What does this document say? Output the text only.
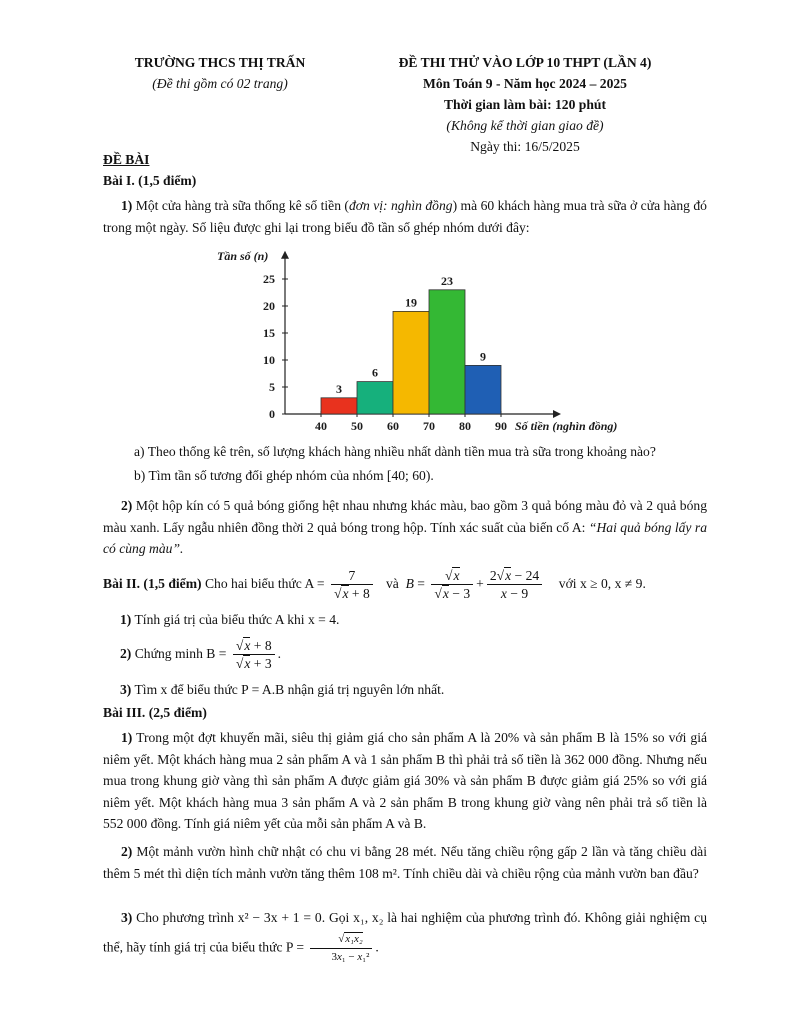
TRƯỜNG THCS THỊ TRẤN
(Đề thi gồm có 02 trang)
ĐỀ THI THỬ VÀO LỚP 10 THPT (LẦN 4)
Môn Toán 9 - Năm học 2024 – 2025
Thời gian làm bài: 120 phút
(Không kể thời gian giao đề)
Ngày thi: 16/5/2025
ĐỀ BÀI
Bài I. (1,5 điểm)
1) Một cửa hàng trà sữa thống kê số tiền (đơn vị: nghìn đồng) mà 60 khách hàng mua trà sữa ở cửa hàng đó trong một ngày. Số liệu được ghi lại trong biểu đồ tần số ghép nhóm dưới đây:
0
5
10
15
20
25
40 50 60 70 80 90
3
6
19
23
9
Tần số (n)
Số tiền (nghìn đồng)
a) Theo thống kê trên, số lượng khách hàng nhiều nhất dành tiền mua trà sữa trong khoảng nào?
b) Tìm tần số tương đối ghép nhóm của nhóm [40; 60).
2) Một hộp kín có 5 quả bóng giống hệt nhau nhưng khác màu, bao gồm 3 quả bóng màu đỏ và 2 quả bóng màu xanh. Lấy ngẫu nhiên đồng thời 2 quả bóng trong hộp. Tính xác suất của biến cố A: “Hai quả bóng lấy ra có cùng màu”.
Bài II. (1,5 điểm) Cho hai biểu thức $A = \frac{7}{√x + 8}$ và  $B = \frac{√x}{√x - 3} + \frac{2√x - 24}{x - 9}$ với x ≥ 0, x ≠ 9.
1) Tính giá trị của biểu thức A khi x = 4.
2) Chứng minh $B = \frac{√x + 8}{√x + 3}$ .
3) Tìm x để biểu thức P = A.B nhận giá trị nguyên lớn nhất.
Bài III. (2,5 điểm)
1) Trong một đợt khuyến mãi, siêu thị giảm giá cho sản phẩm A là 20% và sản phẩm B là 15% so với giá niêm yết. Một khách hàng mua 2 sản phẩm A và 1 sản phẩm B thì phải trả số tiền là 362 000 đồng. Nhưng nếu mua trong khung giờ vàng thì sản phẩm A được giảm giá 30% và sản phẩm B được giảm giá 25% so với giá niêm yết. Một khách hàng mua 3 sản phẩm A và 2 sản phẩm B trong khung giờ vàng nên phải trả số tiền là 552 000 đồng. Tính giá niêm yết của mỗi sản phẩm A và B.
2) Một mảnh vườn hình chữ nhật có chu vi bằng 28 mét. Nếu tăng chiều rộng gấp 2 lần và tăng chiều dài thêm 5 mét thì diện tích mảnh vườn tăng thêm 108 m². Tính chiều dài và chiều rộng của mảnh vườn ban đầu?
3) Cho phương trình x² − 3x + 1 = 0. Gọi x₁, x₂ là hai nghiệm của phương trình đó. Không giải nghiệm cụ thể, hãy tính giá trị của biểu thức $P = \frac{\text{√x₁x₂}}{\text{3x₁ − x₁²}}$ .
